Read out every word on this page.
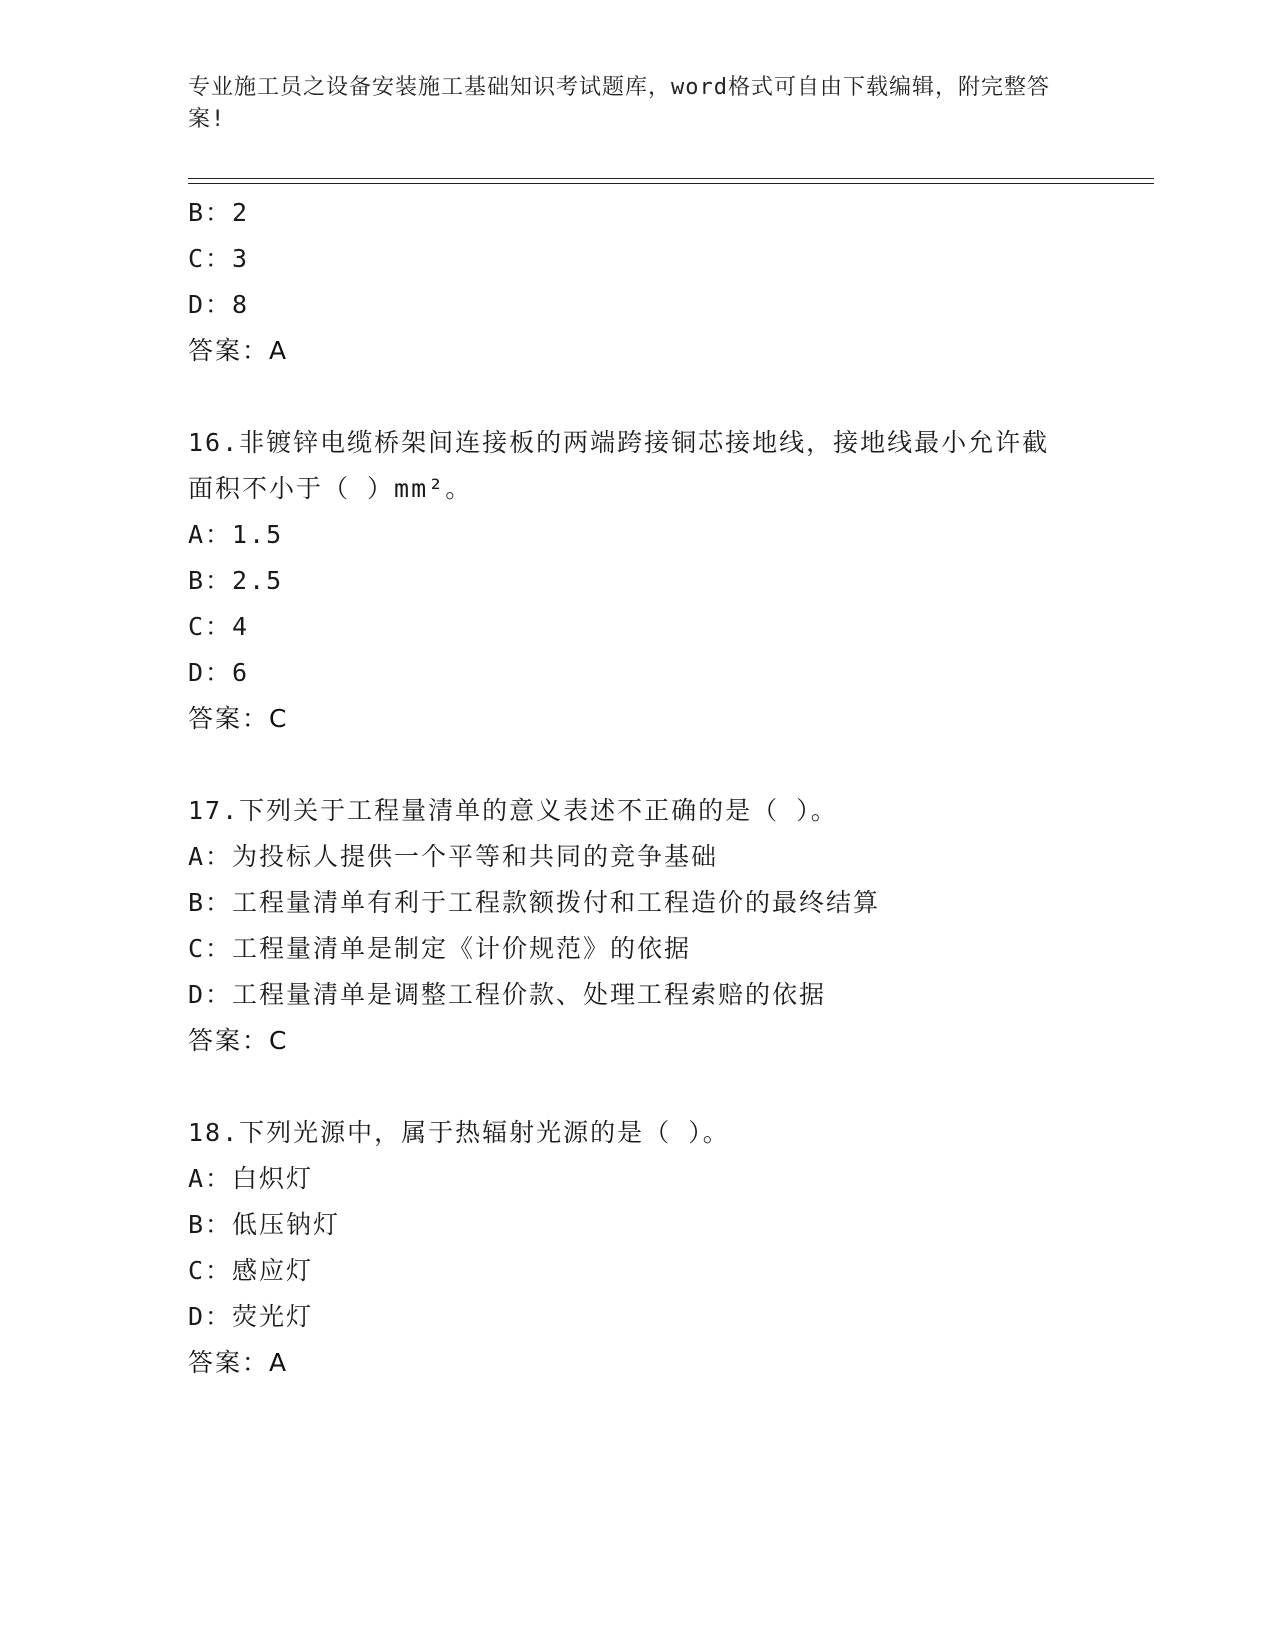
专业施工员之设备安装施工基础知识考试题库，word格式可自由下载编辑，附完整答案!
B：2
C：3
D：8
答案：A
16.非镀锌电缆桥架间连接板的两端跨接铜芯接地线，接地线最小允许截面积不小于（ ）mm²。
A：1.5
B：2.5
C：4
D：6
答案：C
17.下列关于工程量清单的意义表述不正确的是（ ）。
A：为投标人提供一个平等和共同的竞争基础
B：工程量清单有利于工程款额拨付和工程造价的最终结算
C：工程量清单是制定《计价规范》的依据
D：工程量清单是调整工程价款、处理工程索赔的依据
答案：C
18.下列光源中，属于热辐射光源的是（ ）。
A：白炽灯
B：低压钠灯
C：感应灯
D：荧光灯
答案：A
